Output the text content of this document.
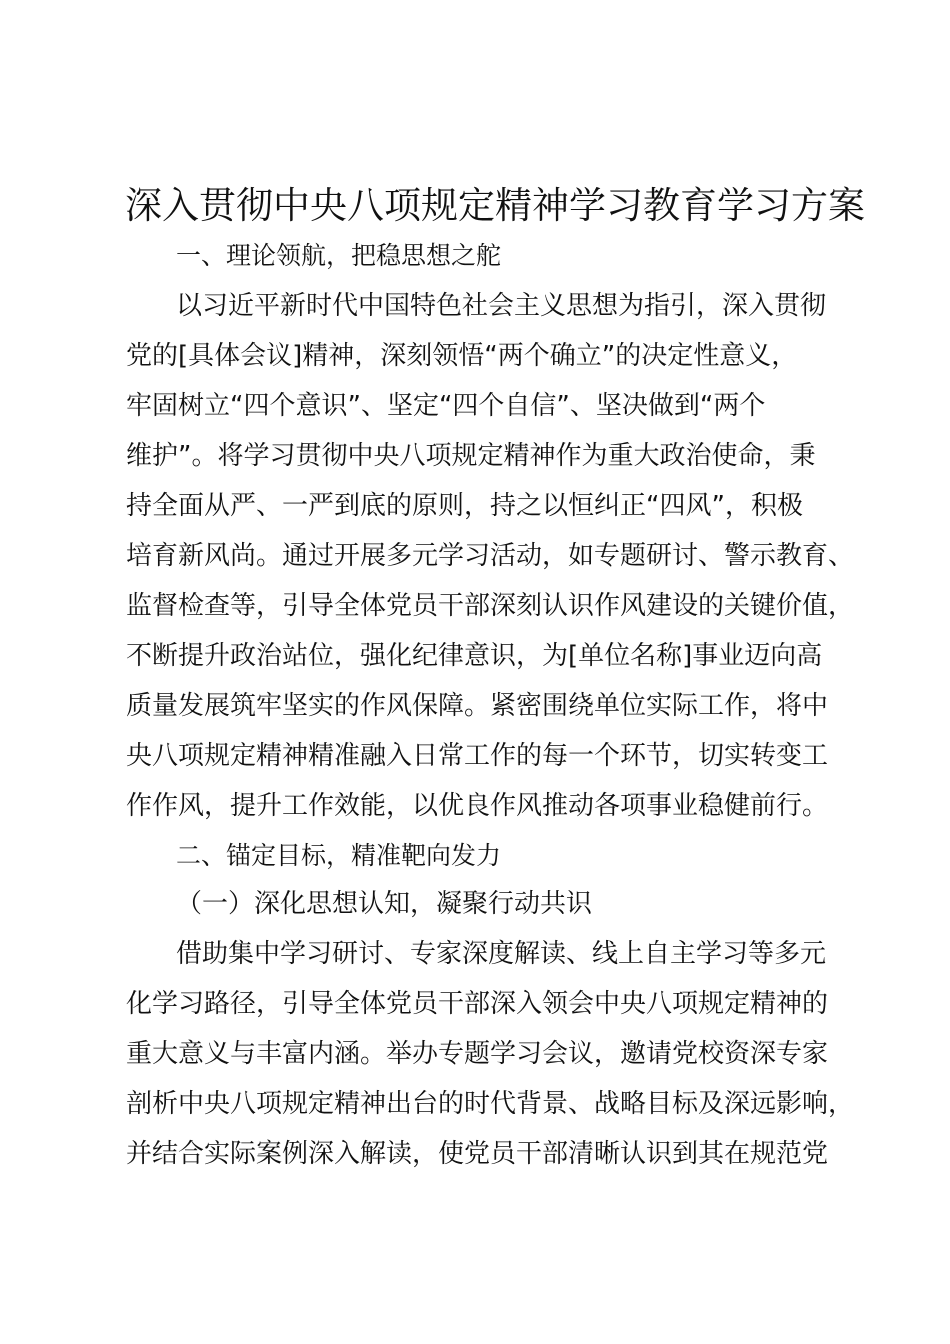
深入贯彻中央八项规定精神学习教育学习方案
一、理论领航，把稳思想之舵
以习近平新时代中国特色社会主义思想为指引，深入贯彻
党的[具体会议]精神，深刻领悟“两个确立”的决定性意义，
牢固树立“四个意识”、坚定“四个自信”、坚决做到“两个
维护”。将学习贯彻中央八项规定精神作为重大政治使命，秉
持全面从严、一严到底的原则，持之以恒纠正“四风”，积极
培育新风尚。通过开展多元学习活动，如专题研讨、警示教育、
监督检查等，引导全体党员干部深刻认识作风建设的关键价值，
不断提升政治站位，强化纪律意识，为[单位名称]事业迈向高
质量发展筑牢坚实的作风保障。紧密围绕单位实际工作，将中
央八项规定精神精准融入日常工作的每一个环节，切实转变工
作作风，提升工作效能，以优良作风推动各项事业稳健前行。
二、锚定目标，精准靶向发力
（一）深化思想认知，凝聚行动共识
借助集中学习研讨、专家深度解读、线上自主学习等多元
化学习路径，引导全体党员干部深入领会中央八项规定精神的
重大意义与丰富内涵。举办专题学习会议，邀请党校资深专家
剖析中央八项规定精神出台的时代背景、战略目标及深远影响，
并结合实际案例深入解读，使党员干部清晰认识到其在规范党
